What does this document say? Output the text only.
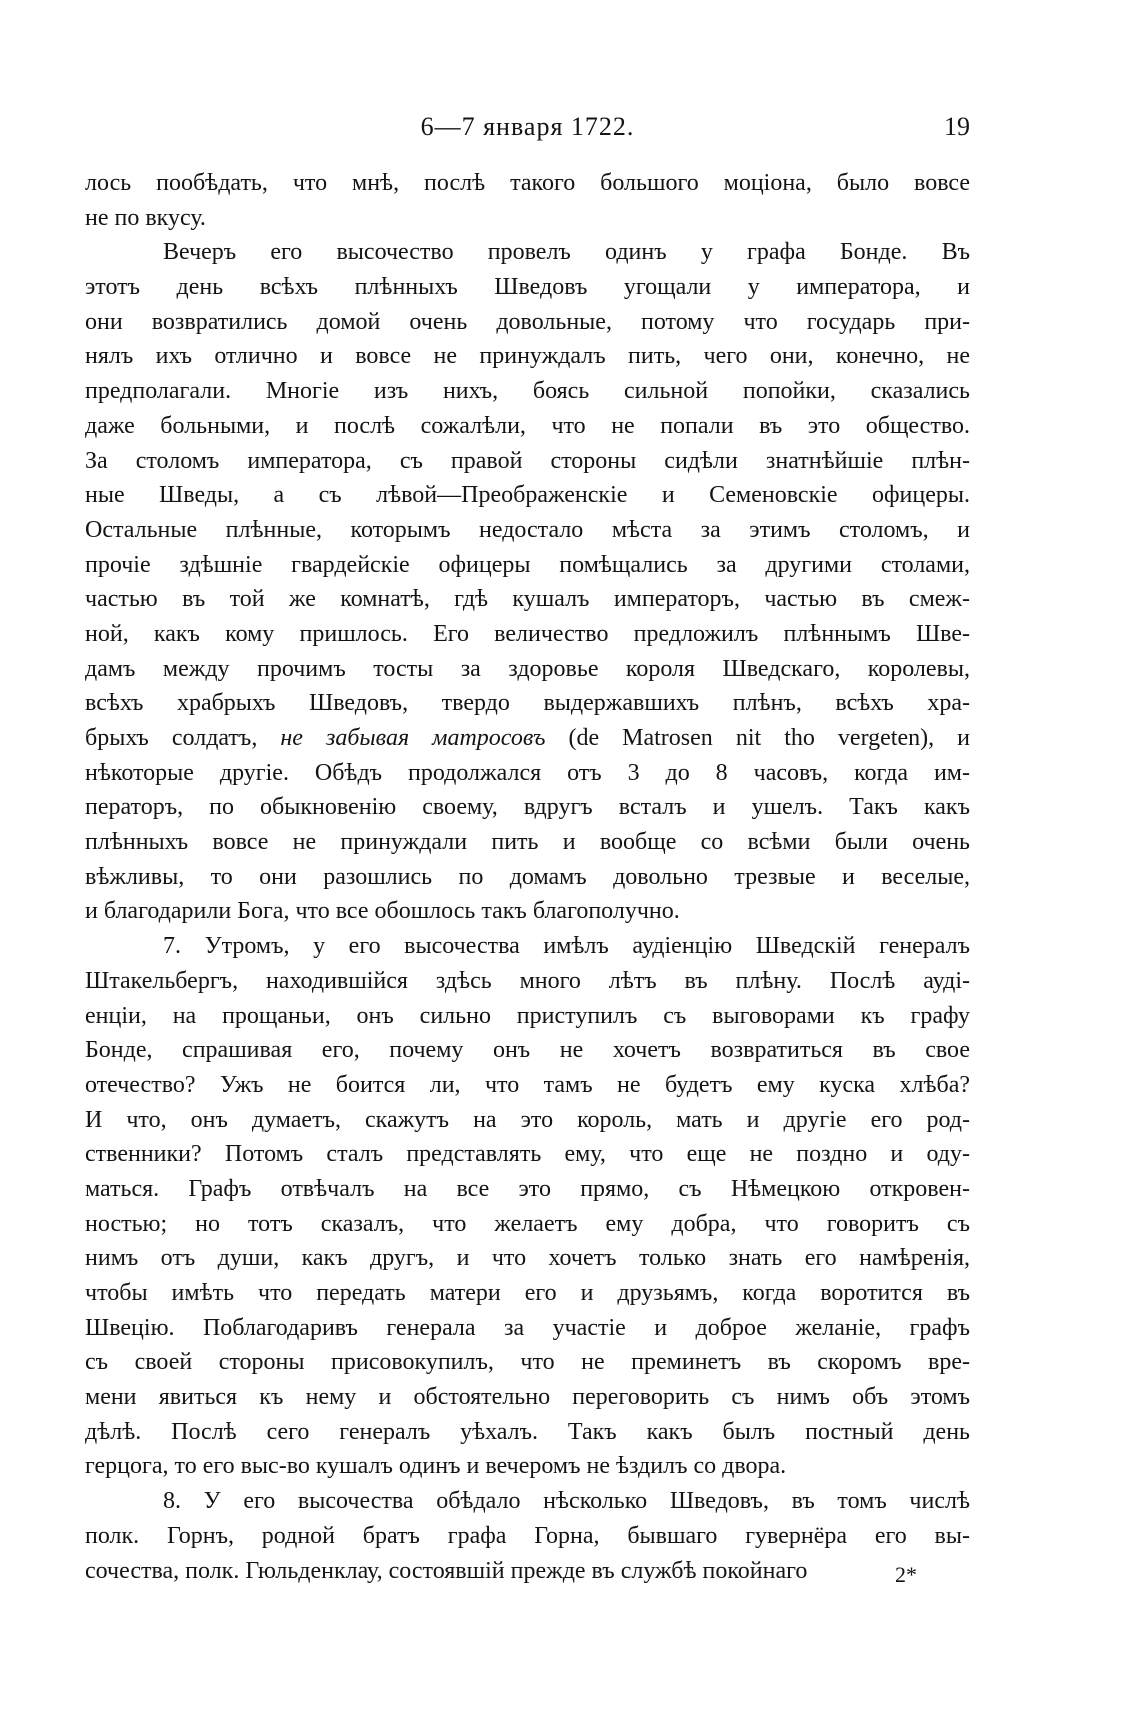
6—7 января 1722.	19
лось пообѣдать, что мнѣ, послѣ такого большого моцiона, было вовсе
не по вкусу.
Вечеръ его высочество провелъ одинъ у графа Бонде. Въ
этотъ день всѣхъ плѣнныхъ Шведовъ угощали у императора, и
они возвратились домой очень довольные, потому что государь при-
нялъ ихъ отлично и вовсе не принуждалъ пить, чего они, конечно, не
предполагали. Многiе изъ нихъ, боясь сильной попойки, сказались
даже больными, и послѣ сожалѣли, что не попали въ это общество.
За столомъ императора, съ правой стороны сидѣли знатнѣйшiе плѣн-
ные Шведы, а съ лѣвой—Преображенскiе и Семеновскiе офицеры.
Остальные плѣнные, которымъ недостало мѣста за этимъ столомъ, и
прочiе здѣшнiе гвардейскiе офицеры помѣщались за другими столами,
частью въ той же комнатѣ, гдѣ кушалъ императоръ, частью въ смеж-
ной, какъ кому пришлось. Его величество предложилъ плѣннымъ Шве-
дамъ между прочимъ тосты за здоровье короля Шведскаго, королевы,
всѣхъ храбрыхъ Шведовъ, твердо выдержавшихъ плѣнъ, всѣхъ хра-
брыхъ солдатъ, не забывая матросовъ (de Matrosen nit tho vergeten), и
нѣкоторые другiе. Обѣдъ продолжался отъ 3 до 8 часовъ, когда им-
ператоръ, по обыкновенiю своему, вдругъ всталъ и ушелъ. Такъ какъ
плѣнныхъ вовсе не принуждали пить и вообще со всѣми были очень
вѣжливы, то они разошлись по домамъ довольно трезвые и веселые,
и благодарили Бога, что все обошлось такъ благополучно.
7. Утромъ, у его высочества имѣлъ аудiенцiю Шведскiй генералъ
Штакельбергъ, находившiйся здѣсь много лѣтъ въ плѣну. Послѣ аудi-
енцiи, на прощаньи, онъ сильно приступилъ съ выговорами къ графу
Бонде, спрашивая его, почему онъ не хочетъ возвратиться въ свое
отечество? Ужъ не боится ли, что тамъ не будетъ ему куска хлѣба?
И что, онъ думаетъ, скажутъ на это король, мать и другiе его род-
ственники? Потомъ сталъ представлять ему, что еще не поздно и оду-
маться. Графъ отвѣчалъ на все это прямо, съ Нѣмецкою откровен-
ностью; но тотъ сказалъ, что желаетъ ему добра, что говоритъ съ
нимъ отъ души, какъ другъ, и что хочетъ только знать его намѣренiя,
чтобы имѣть что передать матери его и друзьямъ, когда воротится въ
Швецiю. Поблагодаривъ генерала за участiе и доброе желанiе, графъ
съ своей стороны присовокупилъ, что не преминетъ въ скоромъ вре-
мени явиться къ нему и обстоятельно переговорить съ нимъ объ этомъ
дѣлѣ. Послѣ сего генералъ уѣхалъ. Такъ какъ былъ постный день
герцога, то его выс-во кушалъ одинъ и вечеромъ не ѣздилъ со двора.
8. У его высочества обѣдало нѣсколько Шведовъ, въ томъ числѣ
полк. Горнъ, родной братъ графа Горна, бывшаго гувернёра его вы-
сочества, полк. Гюльденклау, состоявшiй прежде въ службѣ покойнаго	2*
